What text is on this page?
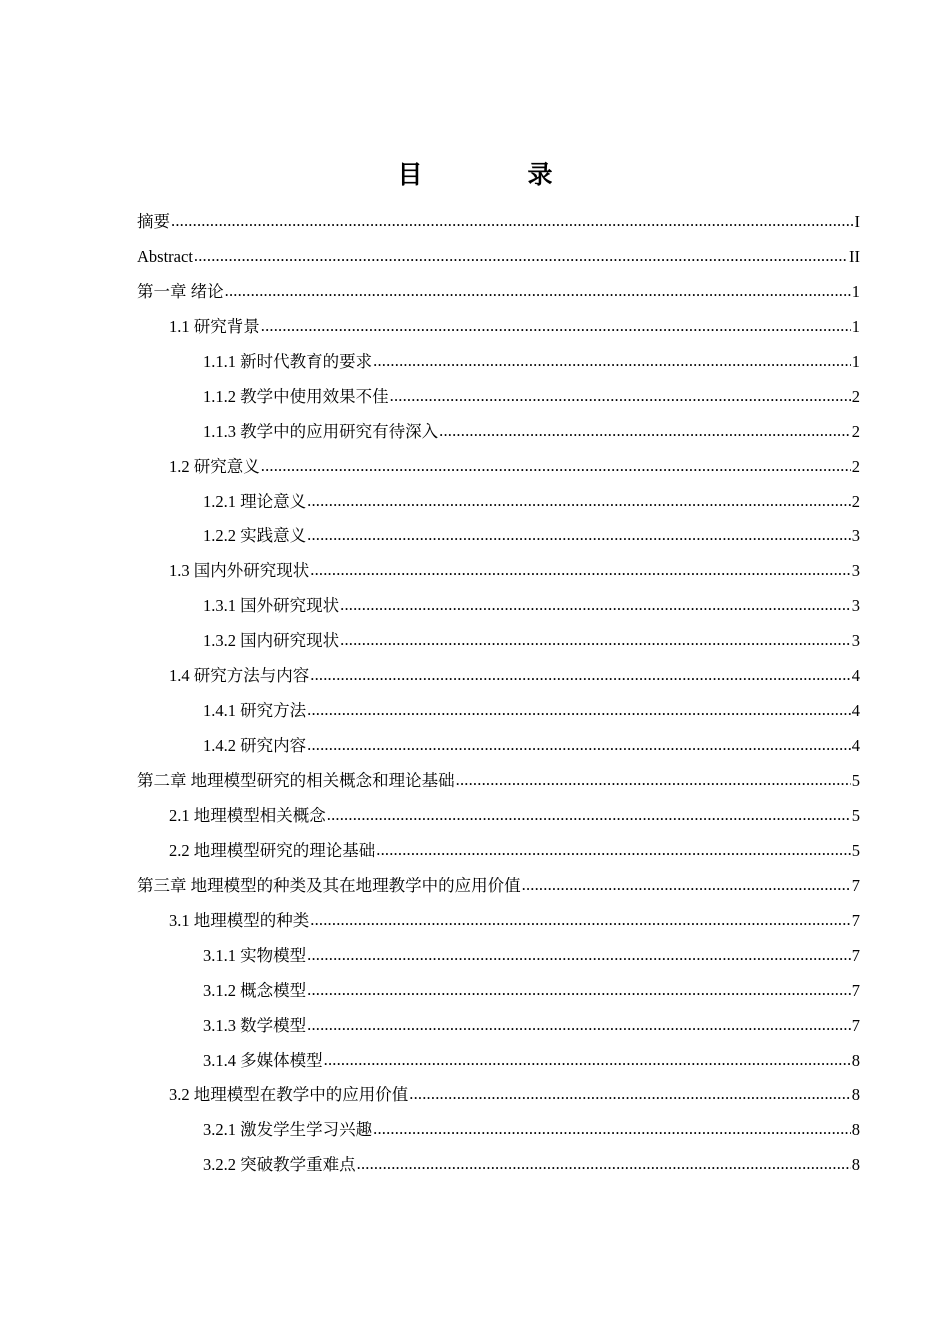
目　录
摘要 .....	I
Abstract .....	II
第一章 绪论 .....	1
1.1 研究背景 .....	1
1.1.1 新时代教育的要求 .....	1
1.1.2 教学中使用效果不佳 .....	2
1.1.3 教学中的应用研究有待深入 .....	2
1.2 研究意义 .....	2
1.2.1 理论意义 .....	2
1.2.2 实践意义 .....	3
1.3 国内外研究现状 .....	3
1.3.1 国外研究现状 .....	3
1.3.2 国内研究现状 .....	3
1.4 研究方法与内容 .....	4
1.4.1 研究方法 .....	4
1.4.2 研究内容 .....	4
第二章 地理模型研究的相关概念和理论基础 .....	5
2.1 地理模型相关概念 .....	5
2.2 地理模型研究的理论基础 .....	5
第三章 地理模型的种类及其在地理教学中的应用价值 .....	7
3.1 地理模型的种类 .....	7
3.1.1 实物模型 .....	7
3.1.2 概念模型 .....	7
3.1.3 数学模型 .....	7
3.1.4 多媒体模型 .....	8
3.2 地理模型在教学中的应用价值 .....	8
3.2.1 激发学生学习兴趣 .....	8
3.2.2 突破教学重难点 .....	8
